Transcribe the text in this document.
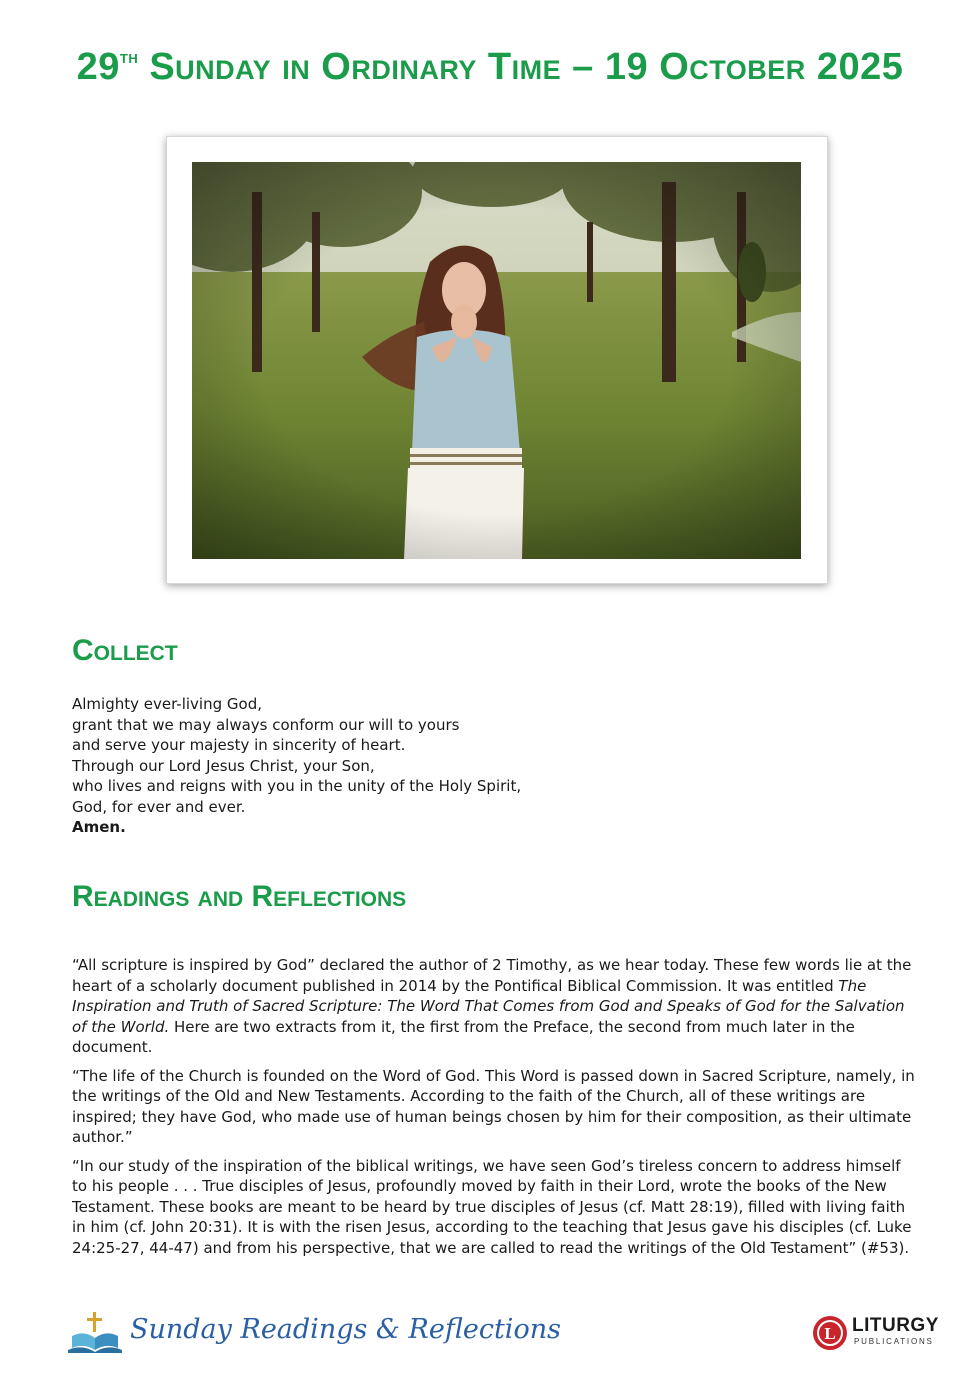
29th Sunday in Ordinary Time – 19 October 2025
Collect
Almighty ever-living God,
grant that we may always conform our will to yours
and serve your majesty in sincerity of heart.
Through our Lord Jesus Christ, your Son,
who lives and reigns with you in the unity of the Holy Spirit,
God, for ever and ever.
Amen.
Readings and Reflections

“All scripture is inspired by God” declared the author of 2 Timothy, as we hear today. These few words lie at the heart of a scholarly document published in 2014 by the Pontifical Biblical Commission. It was entitled The Inspiration and Truth of Sacred Scripture: The Word That Comes from God and Speaks of God for the Salvation of the World. Here are two extracts from it, the first from the Preface, the second from much later in the document.

“The life of the Church is founded on the Word of God. This Word is passed down in Sacred Scripture, namely, in the writings of the Old and New Testaments. According to the faith of the Church, all of these writings are inspired; they have God, who made use of human beings chosen by him for their composition, as their ultimate author.”

“In our study of the inspiration of the biblical writings, we have seen God’s tireless concern to address himself to his people . . . True disciples of Jesus, profoundly moved by faith in their Lord, wrote the books of the New Testament. These books are meant to be heard by true disciples of Jesus (cf. Matt 28:19), filled with living faith in him (cf. John 20:31). It is with the risen Jesus, according to the teaching that Jesus gave his disciples (cf. Luke 24:25-27, 44-47) and from his perspective, that we are called to read the writings of the Old Testament” (#53).

Sunday Readings & Reflections	L LITURGY
PUBLICATIONS
